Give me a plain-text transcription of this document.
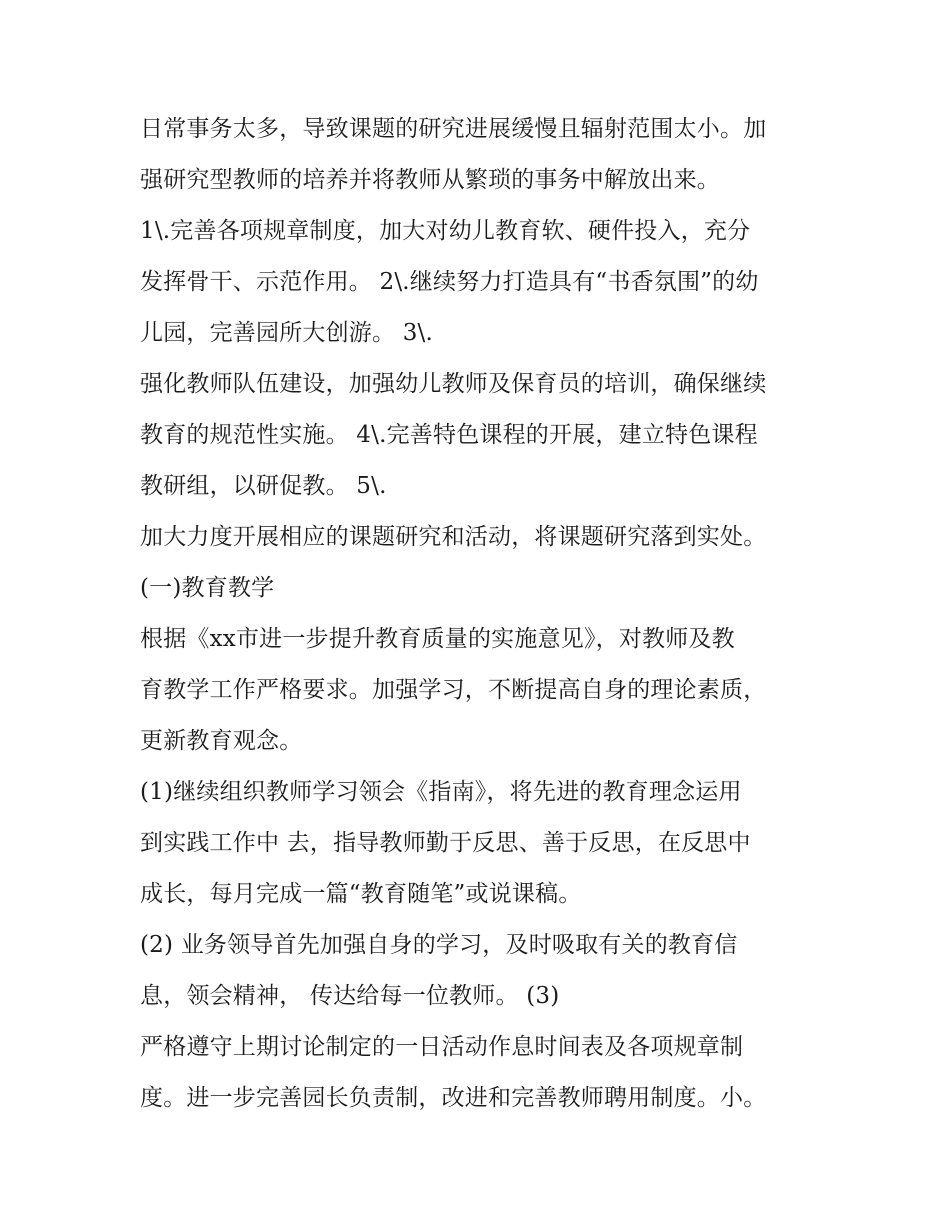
日常事务太多，导致课题的研究进展缓慢且辐射范围太小。加
强研究型教师的培养并将教师从繁琐的事务中解放出来。
1\.完善各项规章制度，加大对幼儿教育软、硬件投入，充分
发挥骨干、示范作用。 2\.继续努力打造具有“书香氛围”的幼
儿园，完善园所大创游。 3\.
强化教师队伍建设，加强幼儿教师及保育员的培训，确保继续
教育的规范性实施。 4\.完善特色课程的开展，建立特色课程
教研组，以研促教。 5\.
加大力度开展相应的课题研究和活动，将课题研究落到实处。
(一)教育教学
根据《xx市进一步提升教育质量的实施意见》，对教师及教
育教学工作严格要求。加强学习，不断提高自身的理论素质，
更新教育观念。
(1)继续组织教师学习领会《指南》，将先进的教育理念运用
到实践工作中 去，指导教师勤于反思、善于反思，在反思中
成长，每月完成一篇“教育随笔”或说课稿。
(2) 业务领导首先加强自身的学习，及时吸取有关的教育信
息，领会精神， 传达给每一位教师。 (3)
严格遵守上期讨论制定的一日活动作息时间表及各项规章制
度。进一步完善园长负责制，改进和完善教师聘用制度。小。
